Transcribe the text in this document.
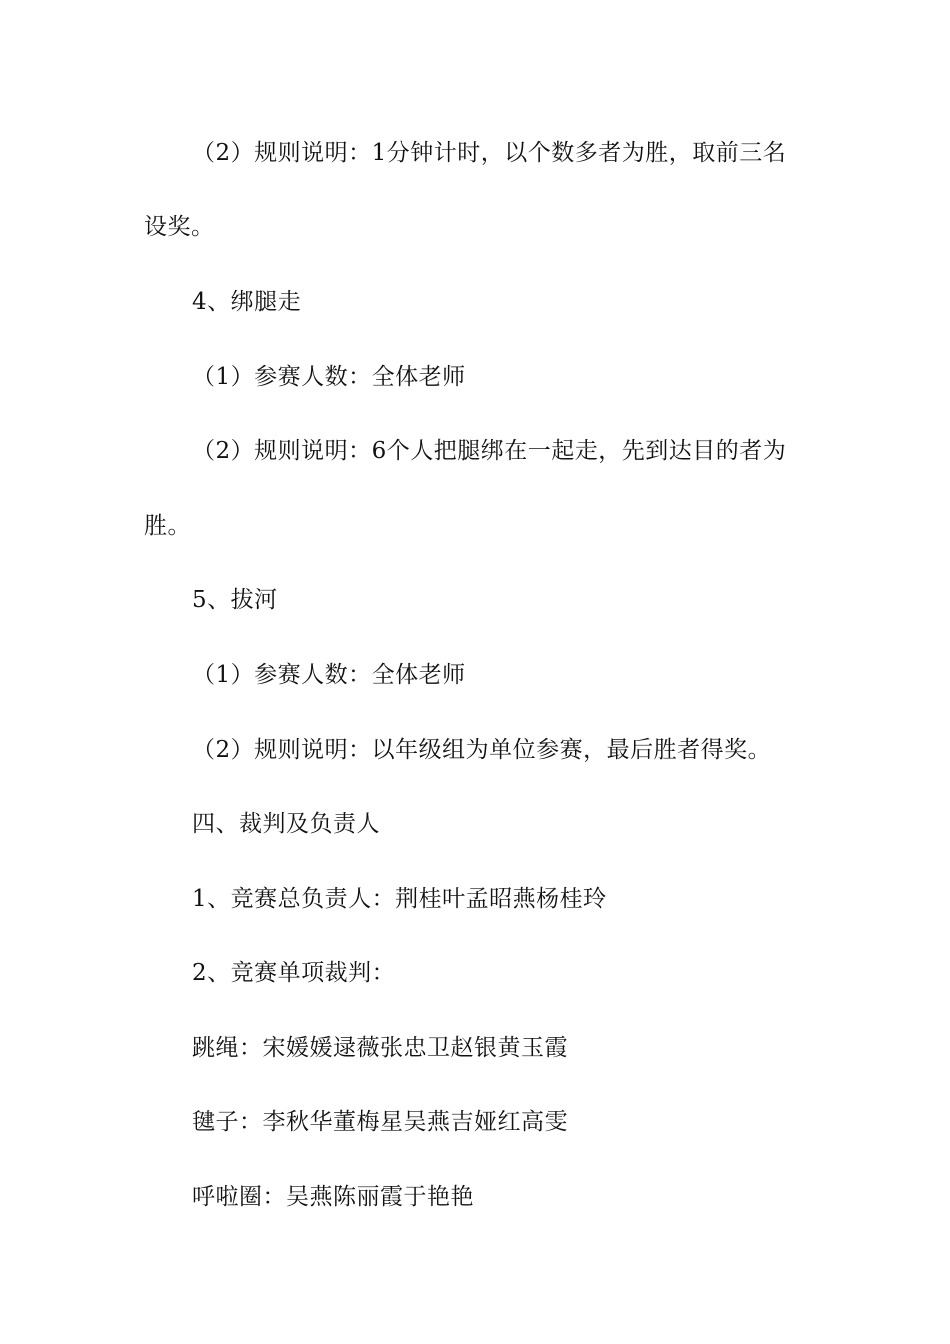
（2）规则说明：1分钟计时，以个数多者为胜，取前三名
设奖。
4、绑腿走
（1）参赛人数：全体老师
（2）规则说明：6个人把腿绑在一起走，先到达目的者为
胜。
5、拔河
（1）参赛人数：全体老师
（2）规则说明：以年级组为单位参赛，最后胜者得奖。
四、裁判及负责人
1、竞赛总负责人：荆桂叶孟昭燕杨桂玲
2、竞赛单项裁判：
跳绳：宋媛媛逯薇张忠卫赵银黄玉霞
毽子：李秋华董梅星吴燕吉娅红高雯
呼啦圈：吴燕陈丽霞于艳艳
